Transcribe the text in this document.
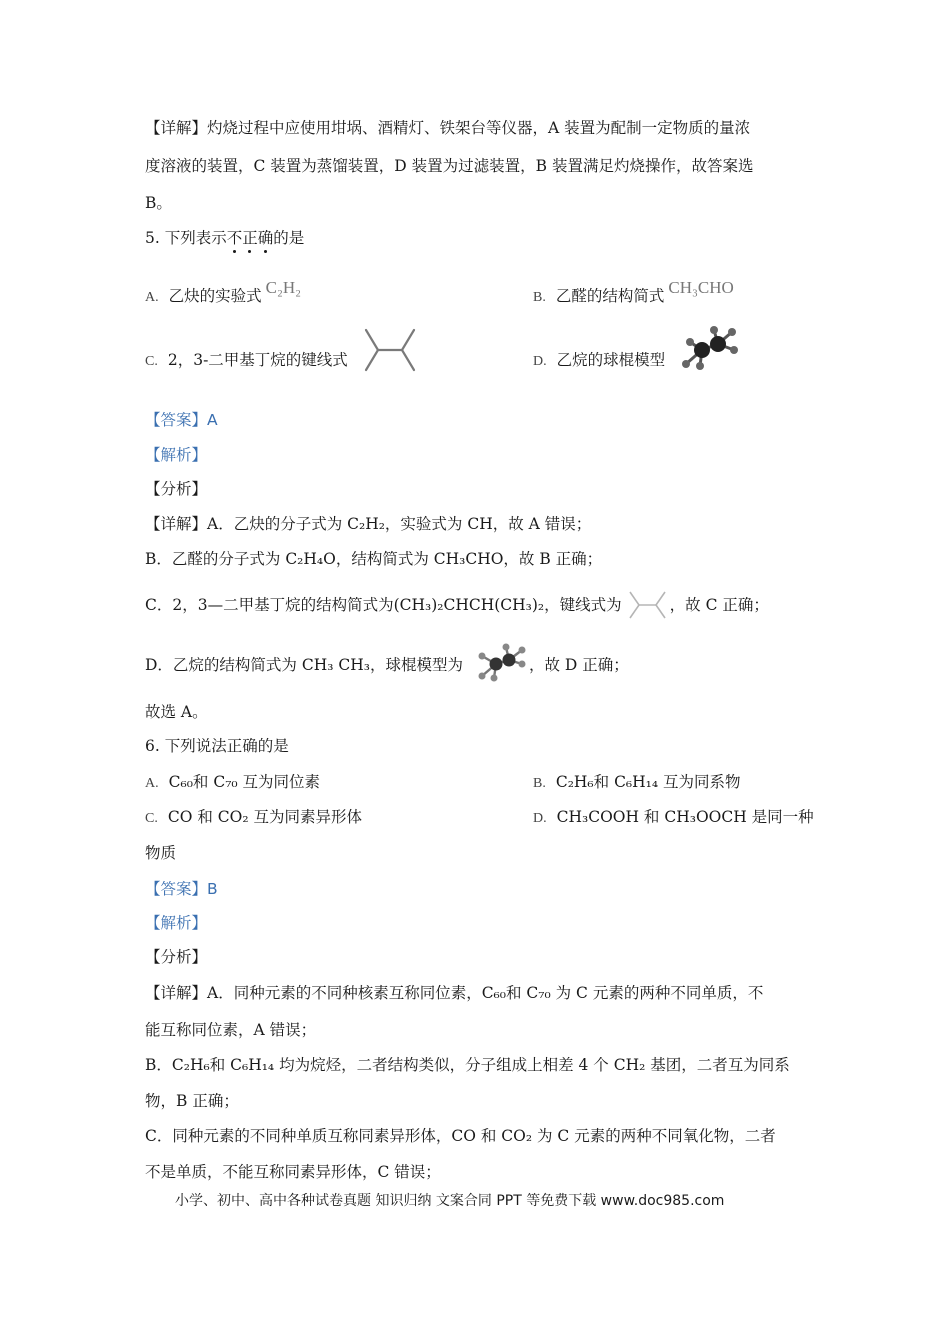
【详解】灼烧过程中应使用坩埚、酒精灯、铁架台等仪器，A 装置为配制一定物质的量浓
度溶液的装置，C 装置为蒸馏装置，D 装置为过滤装置，B 装置满足灼烧操作，故答案选
B。
5. 下列表示不正确的是
A. 乙炔的实验式 C₂H₂
B. 乙醛的结构简式 CH₃CHO
C. 2，3-二甲基丁烷的键线式	D. 乙烷的球棍模型
【答案】A
【解析】
【分析】
【详解】A．乙炔的分子式为 C₂H₂，实验式为 CH，故 A 错误；
B．乙醛的分子式为 C₂H₄O，结构简式为 CH₃CHO，故 B 正确；
C．2，3—二甲基丁烷的结构简式为(CH₃)₂CHCH(CH₃)₂，键线式为	，故 C 正确；
D．乙烷的结构简式为 CH₃ CH₃，球棍模型为	，故 D 正确；
故选 A。
6. 下列说法正确的是
A. C₆₀和 C₇₀ 互为同位素	B. C₂H₆和 C₆H₁₄ 互为同系物
C. CO 和 CO₂ 互为同素异形体	D. CH₃COOH 和 CH₃OOCH 是同一种
物质
【答案】B
【解析】
【分析】
【详解】A．同种元素的不同种核素互称同位素，C₆₀和 C₇₀ 为 C 元素的两种不同单质，不
能互称同位素，A 错误；
B．C₂H₆和 C₆H₁₄ 均为烷烃，二者结构类似，分子组成上相差 4 个 CH₂ 基团，二者互为同系
物，B 正确；
C．同种元素的不同种单质互称同素异形体，CO 和 CO₂ 为 C 元素的两种不同氧化物，二者
不是单质，不能互称同素异形体，C 错误；
小学、初中、高中各种试卷真题 知识归纳 文案合同 PPT 等免费下载 www.doc985.com
